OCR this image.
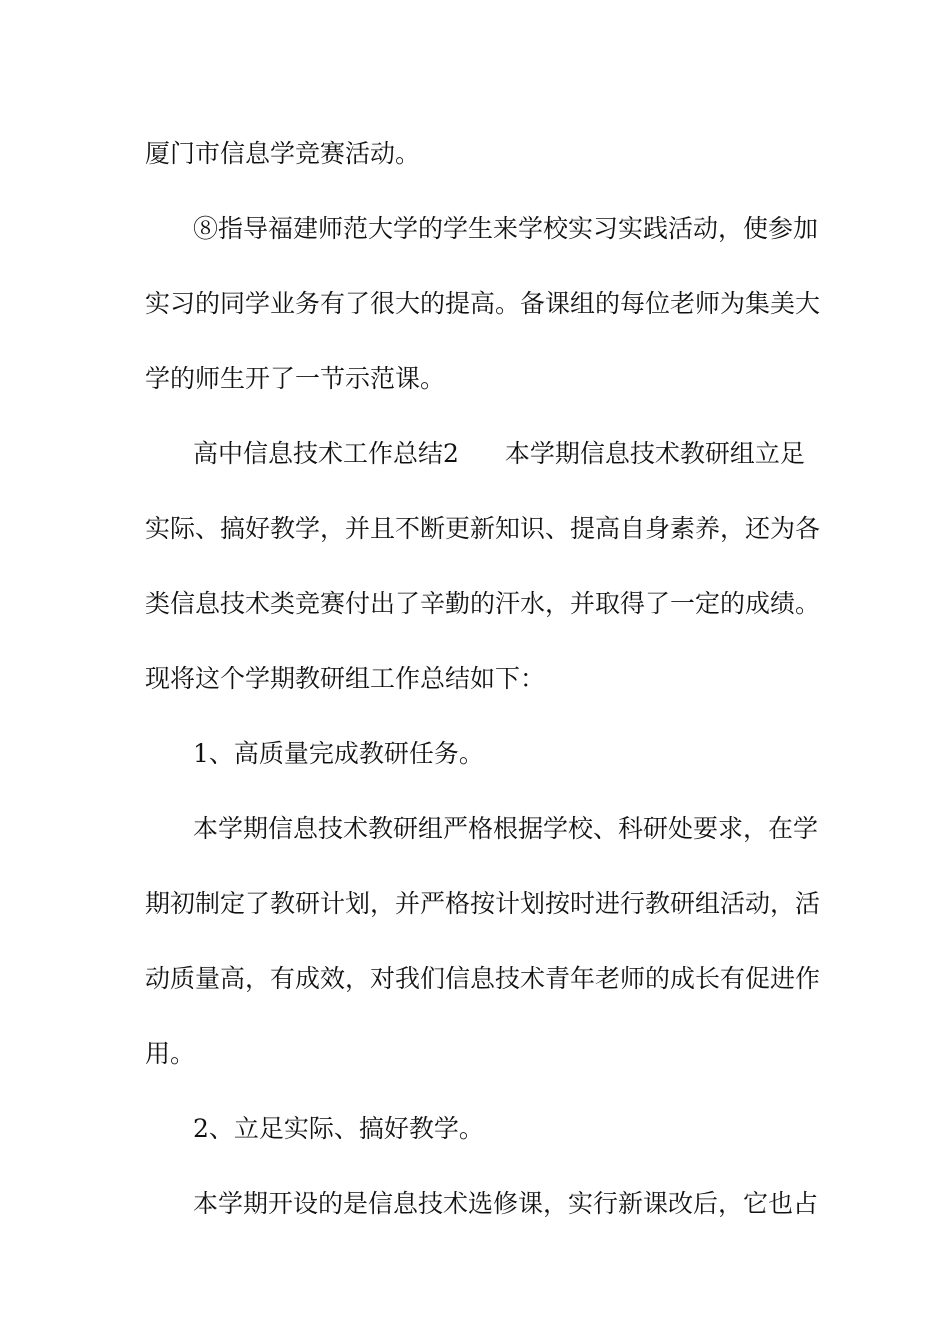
厦门市信息学竞赛活动。
⑧指导福建师范大学的学生来学校实习实践活动，使参加
实习的同学业务有了很大的提高。备课组的每位老师为集美大
学的师生开了一节示范课。
高中信息技术工作总结2 本学期信息技术教研组立足
实际、搞好教学，并且不断更新知识、提高自身素养，还为各
类信息技术类竞赛付出了辛勤的汗水，并取得了一定的成绩。
现将这个学期教研组工作总结如下：
1、高质量完成教研任务。
本学期信息技术教研组严格根据学校、科研处要求，在学
期初制定了教研计划，并严格按计划按时进行教研组活动，活
动质量高，有成效，对我们信息技术青年老师的成长有促进作
用。
2、立足实际、搞好教学。
本学期开设的是信息技术选修课，实行新课改后，它也占
